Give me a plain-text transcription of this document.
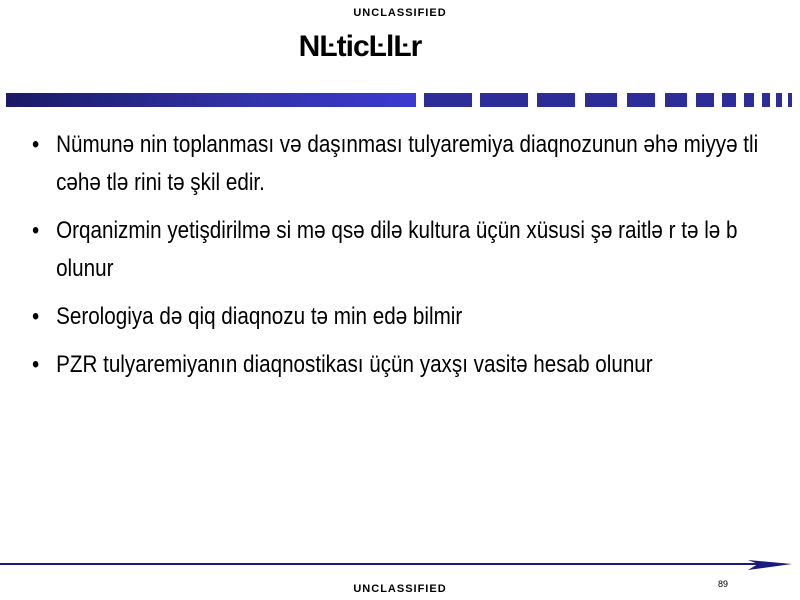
UNCLASSIFIED
NĿticĿlĿr
• Nümunǝ nin toplanması vǝ daşınması tulyaremiya diaqnozunun ǝhǝ miyyǝ tli cǝhǝ tlǝ rini tǝ şkil edir.
• Orqanizmin yetişdirilmǝ si mǝ qsǝ dilǝ kultura üçün xüsusi şǝ raitlǝ r tǝ lǝ b olunur
• Serologiya dǝ qiq diaqnozu tǝ min edǝ bilmir
• PZR tulyaremiyanın diaqnostikası üçün yaxşı vasitǝ hesab olunur
89
UNCLASSIFIED
